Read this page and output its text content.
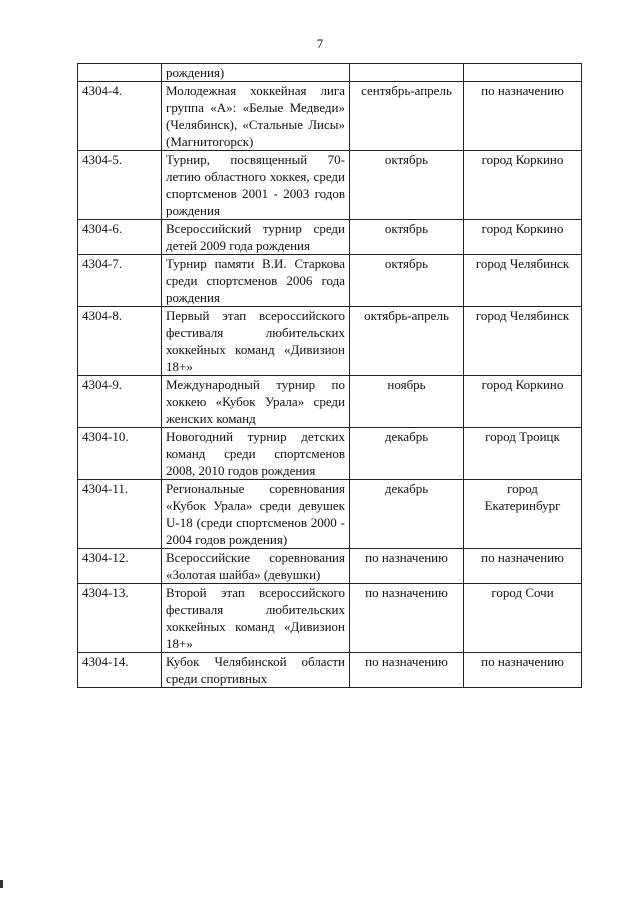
7
	рождения)		
4304-4.	Молодежная хоккейная лига группа «А»: «Белые Медведи» (Челябинск), «Стальные Лисы» (Магнитогорск)	сентябрь-апрель	по назначению
4304-5.	Турнир, посвященный 70-летию областного хоккея, среди спортсменов 2001 - 2003 годов рождения	октябрь	город Коркино
4304-6.	Всероссийский турнир среди детей 2009 года рождения	октябрь	город Коркино
4304-7.	Турнир памяти В.И. Старкова среди спортсменов 2006 года рождения	октябрь	город Челябинск
4304-8.	Первый этап всероссийского фестиваля любительских хоккейных команд «Дивизион 18+»	октябрь-апрель	город Челябинск
4304-9.	Международный турнир по хоккею «Кубок Урала» среди женских команд	ноябрь	город Коркино
4304-10.	Новогодний турнир детских команд среди спортсменов 2008, 2010 годов рождения	декабрь	город Троицк
4304-11.	Региональные соревнования «Кубок Урала» среди девушек U-18 (среди спортсменов 2000 - 2004 годов рождения)	декабрь	город Екатеринбург
4304-12.	Всероссийские соревнования «Золотая шайба» (девушки)	по назначению	по назначению
4304-13.	Второй этап всероссийского фестиваля любительских хоккейных команд «Дивизион 18+»	по назначению	город Сочи
4304-14.	Кубок Челябинской области среди спортивных	по назначению	по назначению
